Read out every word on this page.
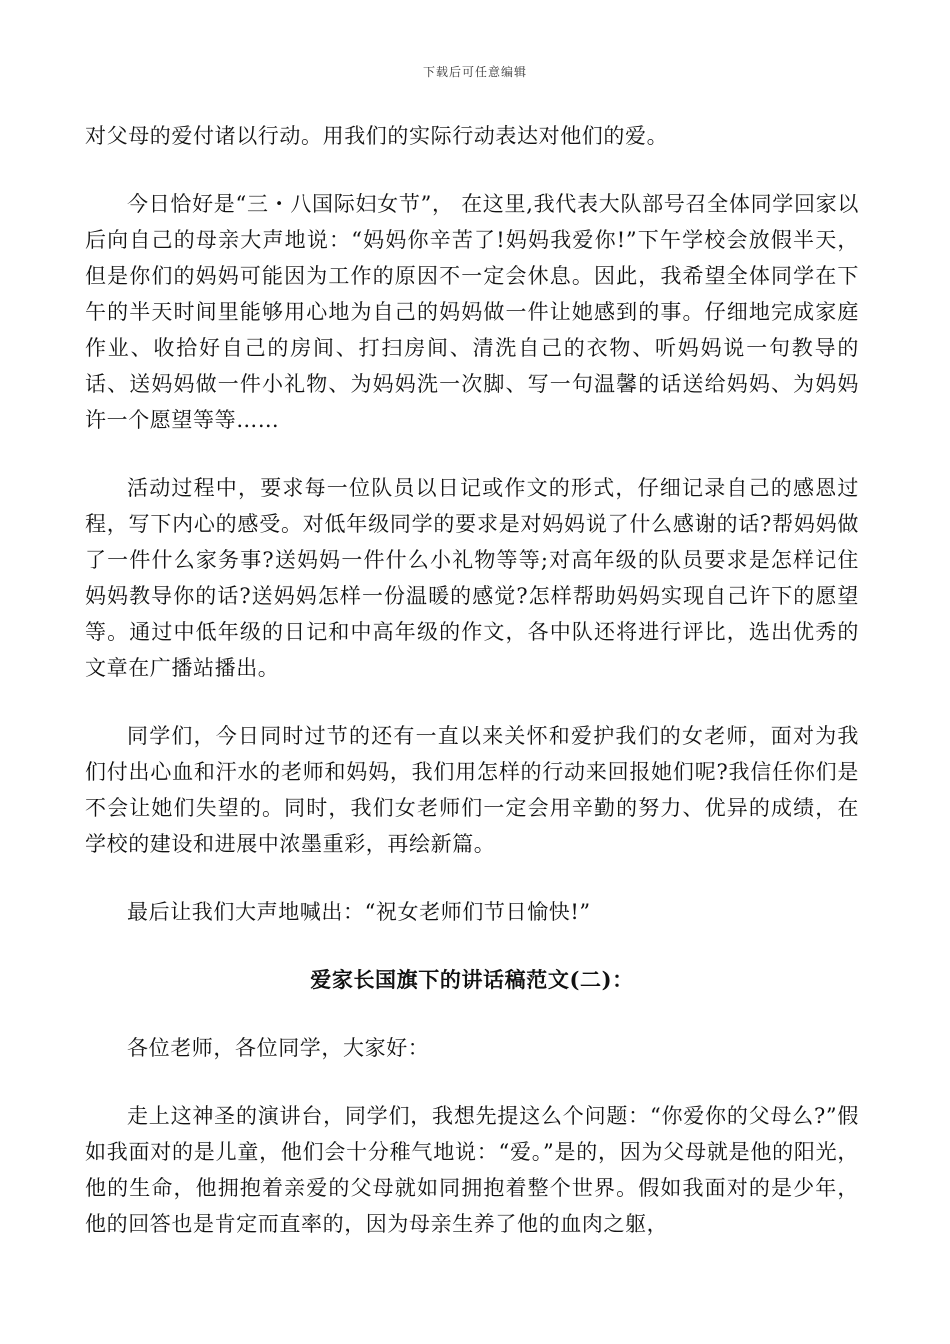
下载后可任意编辑

对父母的爱付诸以行动。用我们的实际行动表达对他们的爱。

今日恰好是“三・八国际妇女节”， 在这里,我代表大队部号召全体同学回家以后向自己的母亲大声地说：“妈妈你辛苦了!妈妈我爱你!”下午学校会放假半天，但是你们的妈妈可能因为工作的原因不一定会休息。因此，我希望全体同学在下午的半天时间里能够用心地为自己的妈妈做一件让她感到的事。仔细地完成家庭作业、收拾好自己的房间、打扫房间、清洗自己的衣物、听妈妈说一句教导的话、送妈妈做一件小礼物、为妈妈洗一次脚、写一句温馨的话送给妈妈、为妈妈许一个愿望等等……

活动过程中，要求每一位队员以日记或作文的形式，仔细记录自己的感恩过程，写下内心的感受。对低年级同学的要求是对妈妈说了什么感谢的话?帮妈妈做了一件什么家务事?送妈妈一件什么小礼物等等;对高年级的队员要求是怎样记住妈妈教导你的话?送妈妈怎样一份温暖的感觉?怎样帮助妈妈实现自己许下的愿望等。通过中低年级的日记和中高年级的作文，各中队还将进行评比，选出优秀的文章在广播站播出。

同学们，今日同时过节的还有一直以来关怀和爱护我们的女老师，面对为我们付出心血和汗水的老师和妈妈，我们用怎样的行动来回报她们呢?我信任你们是不会让她们失望的。同时，我们女老师们一定会用辛勤的努力、优异的成绩，在学校的建设和进展中浓墨重彩，再绘新篇。

最后让我们大声地喊出：“祝女老师们节日愉快!”

爱家长国旗下的讲话稿范文(二)：

各位老师，各位同学，大家好：

走上这神圣的演讲台，同学们，我想先提这么个问题：“你爱你的父母么?”假如我面对的是儿童，他们会十分稚气地说：“爱。”是的，因为父母就是他的阳光，他的生命，他拥抱着亲爱的父母就如同拥抱着整个世界。假如我面对的是少年，他的回答也是肯定而直率的，因为母亲生养了他的血肉之躯，
